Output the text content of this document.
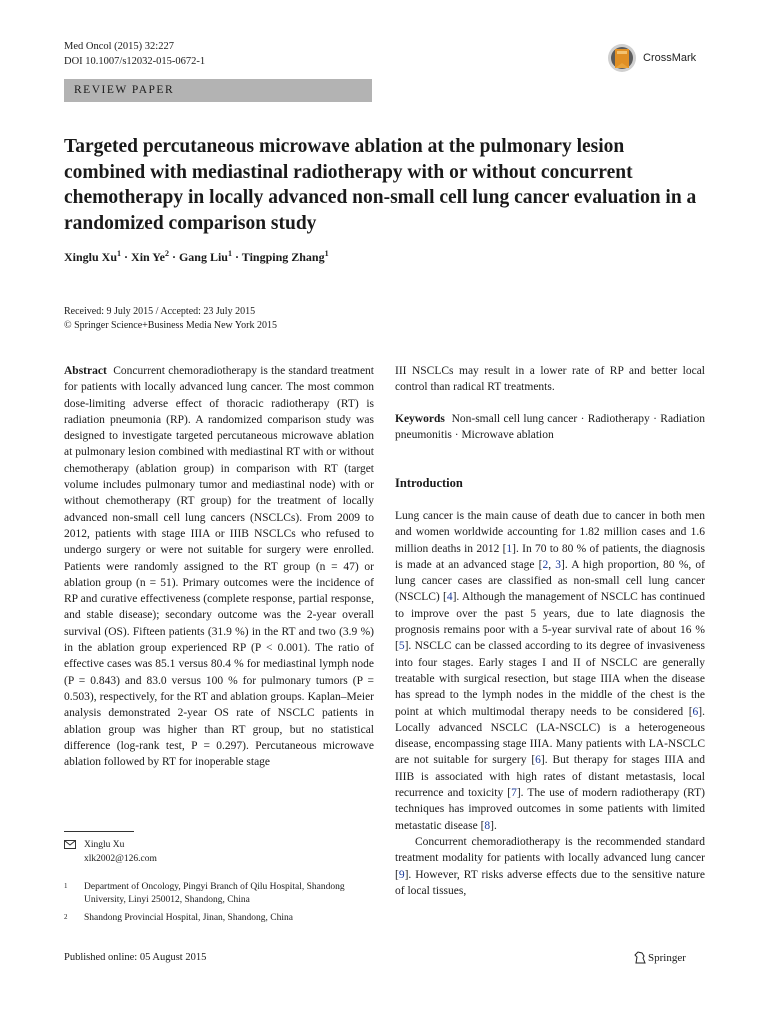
Med Oncol (2015) 32:227
DOI 10.1007/s12032-015-0672-1	CrossMark
REVIEW PAPER
Targeted percutaneous microwave ablation at the pulmonary lesion combined with mediastinal radiotherapy with or without concurrent chemotherapy in locally advanced non-small cell lung cancer evaluation in a randomized comparison study
Xinglu $Xu^1$ · Xin $Ye^2$ · Gang Liu$^1$ · Tingping Zhang$^1$
Received: 9 July 2015 / Accepted: 23 July 2015
© Springer Science+Business Media New York 2015
Abstract Concurrent chemoradiotherapy is the standard treatment for patients with locally advanced lung cancer. The most common dose-limiting adverse effect of thoracic radiotherapy (RT) is radiation pneumonia (RP). A randomized comparison study was designed to investigate targeted percutaneous microwave ablation at pulmonary lesion combined with mediastinal RT with or without chemotherapy (ablation group) in comparison with RT (target volume includes pulmonary tumor and mediastinal node) with or without chemotherapy (RT group) for the treatment of locally advanced non-small cell lung cancers (NSCLCs). From 2009 to 2012, patients with stage IIIA or IIIB NSCLCs who refused to undergo surgery or were not suitable for surgery were enrolled. Patients were randomly assigned to the RT group (n = 47) or ablation group (n = 51). Primary outcomes were the incidence of RP and curative effectiveness (complete response, partial response, and stable disease); secondary outcome was the 2-year overall survival (OS). Fifteen patients (31.9 %) in the RT and two (3.9 %) in the ablation group experienced RP (P < 0.001). The ratio of effective cases was 85.1 versus 80.4 % for mediastinal lymph node (P = 0.843) and 83.0 versus 100 % for pulmonary tumors (P = 0.503), respectively, for the RT and ablation groups. Kaplan–Meier analysis demonstrated 2-year OS rate of NSCLC patients in ablation group was higher than RT group, but no statistical difference (log-rank test, P = 0.297). Percutaneous microwave ablation followed by RT for inoperable stage
III NSCLCs may result in a lower rate of RP and better local control than radical RT treatments.
Keywords Non-small cell lung cancer · Radiotherapy · Radiation pneumonitis · Microwave ablation
Introduction

Lung cancer is the main cause of death due to cancer in both men and women worldwide accounting for 1.82 million cases and 1.6 million deaths in 2012 [1]. In 70 to 80 % of patients, the diagnosis is made at an advanced stage [2, 3]. A high proportion, 80 %, of lung cancer cases are classified as non-small cell lung cancer (NSCLC) [4]. Although the management of NSCLC has continued to improve over the past 5 years, due to late diagnosis the prognosis remains poor with a 5-year survival rate of about 16 % [5]. NSCLC can be classed according to its degree of invasiveness into four stages. Early stages I and II of NSCLC are generally treatable with surgical resection, but stage IIIA when the disease has spread to the lymph nodes in the middle of the chest is the point at which multimodal therapy needs to be considered [6]. Locally advanced NSCLC (LA-NSCLC) is a heterogeneous disease, encompassing stage IIIA. Many patients with LA-NSCLC are not suitable for surgery [6]. But therapy for stages IIIA and IIIB is associated with high rates of distant metastasis, local recurrence and toxicity [7]. The use of modern radiotherapy (RT) techniques has improved outcomes in some patients with limited metastatic disease [8].

Concurrent chemoradiotherapy is the recommended standard treatment modality for patients with locally advanced lung cancer [9]. However, RT risks adverse effects due to the sensitive nature of local tissues,

Xinglu Xu
xlk2002@126.com
1 Department of Oncology, Pingyi Branch of Qilu Hospital, Shandong University, Linyi 250012, Shandong, China
2 Shandong Provincial Hospital, Jinan, Shandong, China
Published online: 05 August 2015	Springer
